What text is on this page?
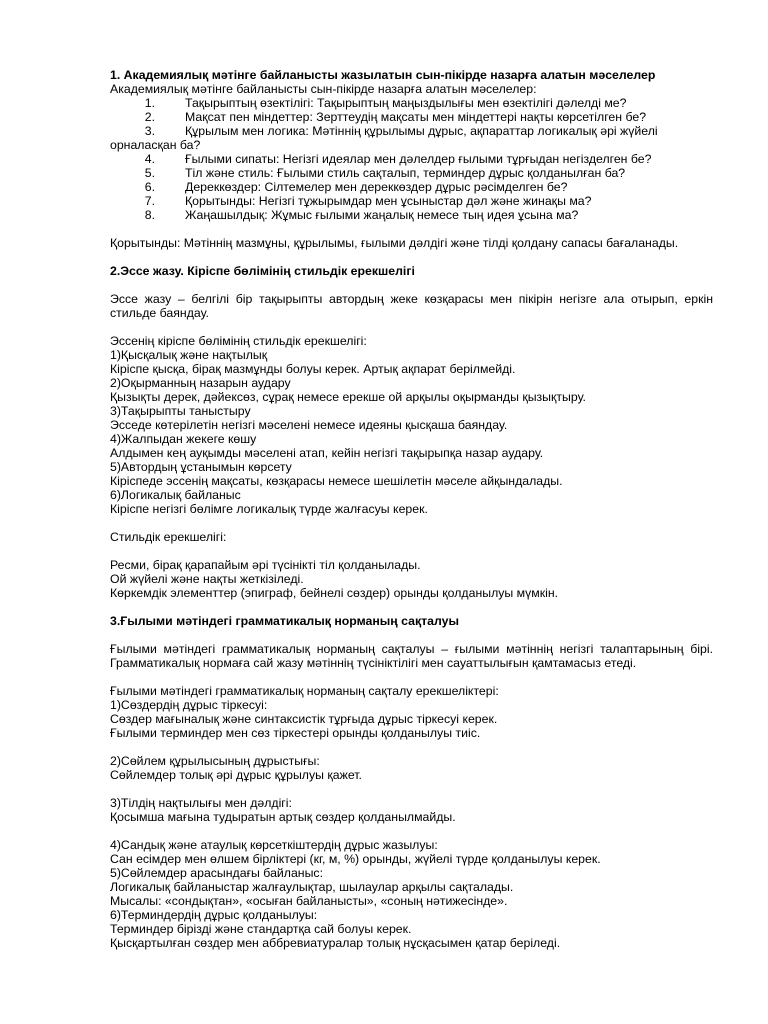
1. Академиялық мәтінге байланысты жазылатын сын-пікірде назарға алатын мәселелер

Академиялық мәтінге байланысты сын-пікірде назарға алатын мәселелер:

1.	Тақырыптың өзектілігі: Тақырыптың маңыздылығы мен өзектілігі дәлелді ме?
2.	Мақсат пен міндеттер: Зерттеудің мақсаты мен міндеттері нақты көрсетілген бе?
3.	Құрылым мен логика: Мәтіннің құрылымы дұрыс, ақпараттар логикалық әрі жүйелі
орналасқан ба?
4.	Ғылыми сипаты: Негізгі идеялар мен дәлелдер ғылыми тұрғыдан негізделген бе?
5.	Тіл және стиль: Ғылыми стиль сақталып, терминдер дұрыс қолданылған ба?
6.	Дереккөздер: Сілтемелер мен дереккөздер дұрыс рәсімделген бе?
7.	Қорытынды: Негізгі тұжырымдар мен ұсыныстар дәл және жинақы ма?
8.	Жаңашылдық: Жұмыс ғылыми жаңалық немесе тың идея ұсына ма?

Қорытынды: Мәтіннің мазмұны, құрылымы, ғылыми дәлдігі және тілді қолдану сапасы бағаланады.

2.Эссе жазу. Кіріспе бөлімінің стильдік ерекшелігі

Эссе жазу – белгілі бір тақырыпты автордың жеке көзқарасы мен пікірін негізге ала отырып, еркін стильде баяндау.

Эссенің кіріспе бөлімінің стильдік ерекшелігі:

1)Қысқалық және нақтылық

Кіріспе қысқа, бірақ мазмұнды болуы керек. Артық ақпарат берілмейді.

2)Оқырманның назарын аудару

Қызықты дерек, дәйексөз, сұрақ немесе ерекше ой арқылы оқырманды қызықтыру.

3)Тақырыпты таныстыру

Эсседе көтерілетін негізгі мәселені немесе идеяны қысқаша баяндау.

4)Жалпыдан жекеге көшу

Алдымен кең ауқымды мәселені атап, кейін негізгі тақырыпқа назар аудару.

5)Автордың ұстанымын көрсету

Кіріспеде эссенің мақсаты, көзқарасы немесе шешілетін мәселе айқындалады.

6)Логикалық байланыс

Кіріспе негізгі бөлімге логикалық түрде жалғасуы керек.

Стильдік ерекшелігі:

Ресми, бірақ қарапайым әрі түсінікті тіл қолданылады.

Ой жүйелі және нақты жеткізіледі.

Көркемдік элементтер (эпиграф, бейнелі сөздер) орынды қолданылуы мүмкін.

3.Ғылыми мәтіндегі грамматикалық норманың сақталуы

Ғылыми мәтіндегі грамматикалық норманың сақталуы – ғылыми мәтіннің негізгі талаптарының бірі. Грамматикалық нормаға сай жазу мәтіннің түсініктілігі мен сауаттылығын қамтамасыз етеді.

Ғылыми мәтіндегі грамматикалық норманың сақталу ерекшеліктері:

1)Сөздердің дұрыс тіркесуі:

Сөздер мағыналық және синтаксистік тұрғыда дұрыс тіркесуі керек.

Ғылыми терминдер мен сөз тіркестері орынды қолданылуы тиіс.

2)Сөйлем құрылысының дұрыстығы:

Сөйлемдер толық әрі дұрыс құрылуы қажет.

3)Тілдің нақтылығы мен дәлдігі:

Қосымша мағына тудыратын артық сөздер қолданылмайды.

4)Сандық және атаулық көрсеткіштердің дұрыс жазылуы:

Сан есімдер мен өлшем бірліктері (кг, м, %) орынды, жүйелі түрде қолданылуы керек.

5)Сөйлемдер арасындағы байланыс:

Логикалық байланыстар жалғаулықтар, шылаулар арқылы сақталады.

Мысалы: «сондықтан», «осыған байланысты», «соның нәтижесінде».

6)Терминдердің дұрыс қолданылуы:

Терминдер бірізді және стандартқа сай болуы керек.

Қысқартылған сөздер мен аббревиатуралар толық нұсқасымен қатар беріледі.
